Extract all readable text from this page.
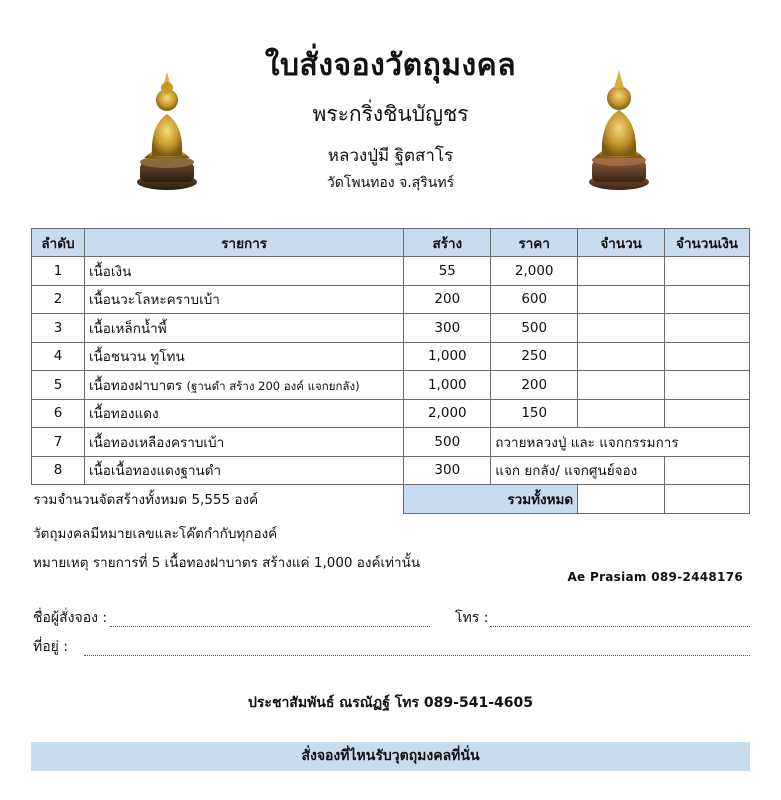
ใบสั่งจองวัตถุมงคล
พระกริ่งชินบัญชร
หลวงปู่มี ฐิตสาโร
วัดโพนทอง จ.สุรินทร์
ลำดับ	รายการ	สร้าง	ราคา	จำนวน	จำนวนเงิน
1	เนื้อเงิน	55	2,000		
2	เนื้อนวะโลหะคราบเบ้า	200	600		
3	เนื้อเหล็กน้ำพี้	300	500		
4	เนื้อชนวน ทูโทน	1,000	250		
5	เนื้อทองฝาบาตร (ฐานดำ สร้าง 200 องค์ แจกยกลัง)	1,000	200		
6	เนื้อทองแดง	2,000	150		
7	เนื้อทองเหลืองคราบเบ้า	500	ถวายหลวงปู่ และ แจกกรรมการ		
8	เนื้อเนื้อทองแดงฐานดำ	300	แจก ยกลัง/ แจกศูนย์จอง		
รวมจำนวนจัดสร้างทั้งหมด 5,555 องค์		รวมทั้งหมด			
วัตถุมงคลมีหมายเลขและโค๊ตกำกับทุกองค์
หมายเหตุ รายการที่ 5 เนื้อทองฝาบาตร สร้างแค่ 1,000 องค์เท่านั้น
Ae Prasiam 089-2448176
ชื่อผู้สั่งจอง :	โทร :
ที่อยู่ :
ประชาสัมพันธ์ ณรณัฏฐ์ โทร 089-541-4605
สั่งจองที่ไหนรับวุตถุมงคลที่นั่น
